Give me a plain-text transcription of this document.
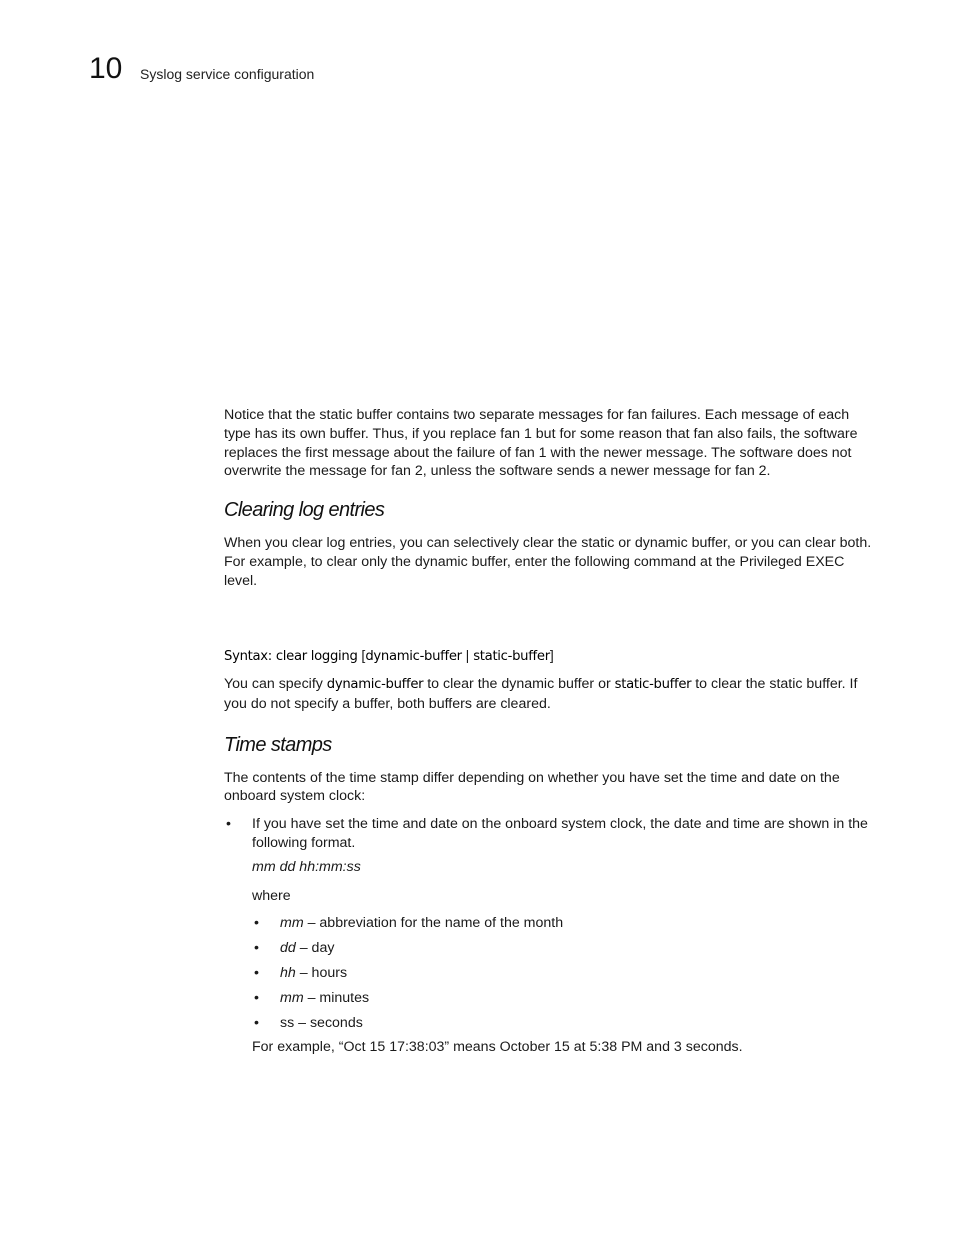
10 Syslog service configuration

Notice that the static buffer contains two separate messages for fan failures. Each message of each type has its own buffer. Thus, if you replace fan 1 but for some reason that fan also fails, the software replaces the first message about the failure of fan 1 with the newer message. The software does not overwrite the message for fan 2, unless the software sends a newer message for fan 2.

Clearing log entries

When you clear log entries, you can selectively clear the static or dynamic buffer, or you can clear both. For example, to clear only the dynamic buffer, enter the following command at the Privileged EXEC level.

Syntax: clear logging [dynamic-buffer | static-buffer]

You can specify dynamic-buffer to clear the dynamic buffer or static-buffer to clear the static buffer. If you do not specify a buffer, both buffers are cleared.

Time stamps

The contents of the time stamp differ depending on whether you have set the time and date on the onboard system clock:

• If you have set the time and date on the onboard system clock, the date and time are shown in the following format.

mm dd hh:mm:ss

where

• mm – abbreviation for the name of the month
• dd – day
• hh – hours
• mm – minutes
• ss – seconds

For example, “Oct 15 17:38:03” means October 15 at 5:38 PM and 3 seconds.
